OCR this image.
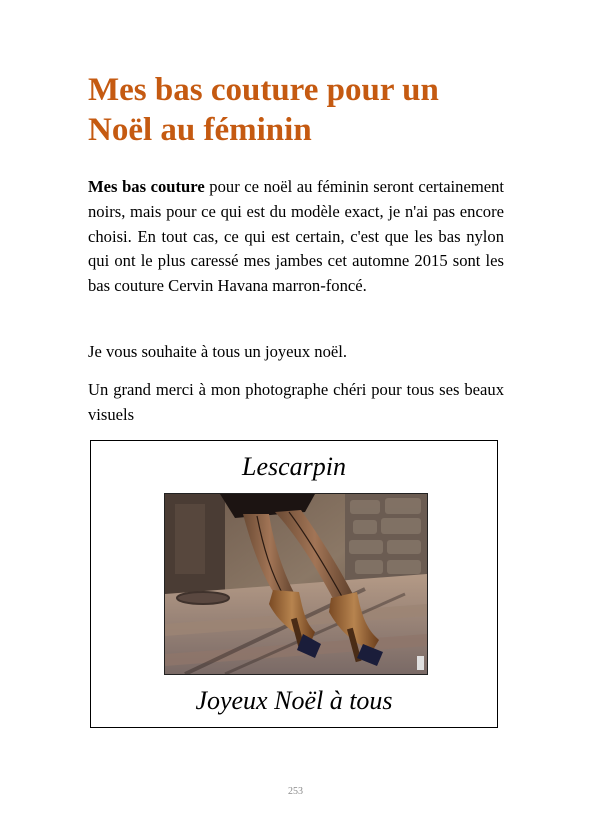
Mes bas couture pour un Noël au féminin

Mes bas couture pour ce noël au féminin seront certainement noirs, mais pour ce qui est du modèle exact, je n'ai pas encore choisi. En tout cas, ce qui est certain, c'est que les bas nylon qui ont le plus caressé mes jambes cet automne 2015 sont les bas couture Cervin Havana marron-foncé.

Je vous souhaite à tous un joyeux noël.

Un grand merci à mon photographe chéri pour tous ses beaux visuels

Lescarpin
Joyeux Noël à tous
253
